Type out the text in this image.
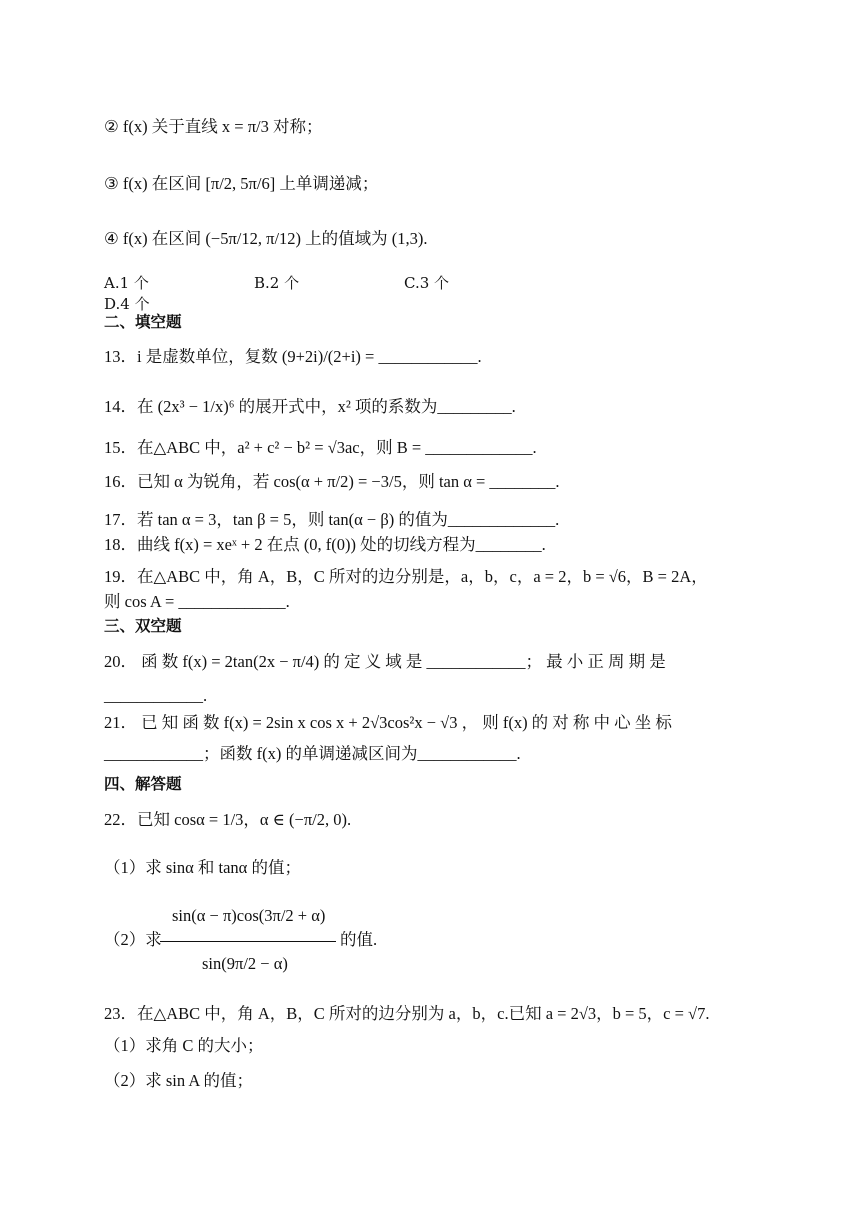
② f(x) 关于直线 x = π/3 对称；
③ f(x) 在区间 [π/2, 5π/6] 上单调递减；
④ f(x) 在区间 (−5π/12, π/12) 上的值域为 (1,3).
A.1 个	B.2 个	C.3 个D.4 个
二、填空题
13．i 是虚数单位，复数 (9+2i)/(2+i) = ____________.
14．在 (2x³ − 1/x)⁶ 的展开式中，x² 项的系数为_________.
15．在△ABC 中，a² + c² − b² = √3ac，则 B = _____________.
16．已知 α 为锐角，若 cos(α + π/2) = −3/5，则 tan α = ________.
17．若 tan α = 3，tan β = 5，则 tan(α − β) 的值为_____________.
18．曲线 f(x) = xeˣ + 2 在点 (0, f(0)) 处的切线方程为________.
19．在△ABC 中，角 A，B，C 所对的边分别是，a，b，c，a = 2，b = √6，B = 2A，
则 cos A = _____________.
三、双空题
20． 函 数 f(x) = 2tan(2x − π/4) 的 定 义 域 是 ____________； 最 小 正 周 期 是
____________.
21． 已 知 函 数 f(x) = 2sin x cos x + 2√3cos²x − √3 ， 则 f(x) 的 对 称 中 心 坐 标
____________；函数 f(x) 的单调递减区间为____________.
四、解答题
22．已知 cosα = 1/3，α ∈ (−π/2, 0).
（1）求 sinα 和 tanα 的值；
sin(α − π)cos(3π/2 + α)
（2）求	的值.
sin(9π/2 − α)
23．在△ABC 中，角 A，B，C 所对的边分别为 a，b，c.已知 a = 2√3，b = 5，c = √7.
（1）求角 C 的大小；
（2）求 sin A 的值；
